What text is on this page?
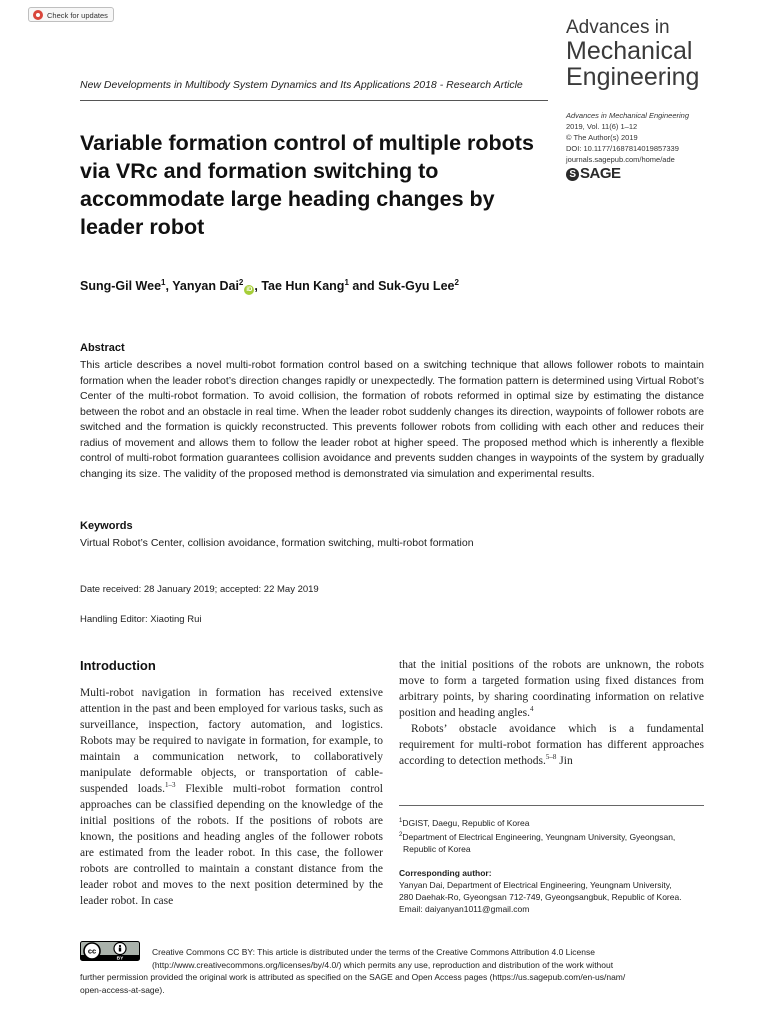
Check for updates
Advances in
Mechanical
Engineering
New Developments in Multibody System Dynamics and Its Applications 2018 - Research Article
Advances in Mechanical Engineering
2019, Vol. 11(6) 1–12
© The Author(s) 2019
DOI: 10.1177/1687814019857339
journals.sagepub.com/home/ade
S SAGE
Variable formation control of multiple robots via VRc and formation switching to accommodate large heading changes by leader robot
Sung-Gil Wee$^1$, Yanyan Dai$^2$iD , Tae Hun Kang$^1$ and Suk-Gyu Lee$^2$
Abstract
This article describes a novel multi-robot formation control based on a switching technique that allows follower robots to maintain formation when the leader robot’s direction changes rapidly or unexpectedly. The formation pattern is determined using Virtual Robot’s Center of the multi-robot formation. To avoid collision, the formation of robots reformed in optimal size by estimating the distance between the robot and an obstacle in real time. When the leader robot suddenly changes its direction, waypoints of follower robots are switched and the formation is quickly reconstructed. This prevents follower robots from colliding with each other and reduces their radius of movement and allows them to follow the leader robot at higher speed. The proposed method which is inherently a flexible control of multi-robot formation guarantees collision avoidance and prevents sudden changes in waypoints of the system by gradually changing its size. The validity of the proposed method is demonstrated via simulation and experimental results.
Keywords
Virtual Robot’s Center, collision avoidance, formation switching, multi-robot formation
Date received: 28 January 2019; accepted: 22 May 2019
Handling Editor: Xiaoting Rui
Introduction
Multi-robot navigation in formation has received extensive attention in the past and been employed for various tasks, such as surveillance, inspection, factory automation, and logistics. Robots may be required to navigate in formation, for example, to maintain a communication network, to collaboratively manipulate deformable objects, or transportation of cable-suspended loads.$^{1-3}$ Flexible multi-robot formation control approaches can be classified depending on the knowledge of the initial positions of the robots. If the positions of robots are known, the positions and heading angles of the follower robots are estimated from the leader robot. In this case, the follower robots are controlled to maintain a constant distance from the leader robot and moves to the next position determined by the leader robot. In case
that the initial positions of the robots are unknown, the robots move to form a targeted formation using fixed distances from arbitrary points, by sharing coordinating information on relative position and heading angles.$^4$
Robots’ obstacle avoidance which is a fundamental requirement for multi-robot formation has different approaches according to detection methods.$^{5-8}$ Jin
$^1$DGIST, Daegu, Republic of Korea
$^2$Department of Electrical Engineering, Yeungnam University, Gyeongsan,
Republic of Korea
Corresponding author:
Yanyan Dai, Department of Electrical Engineering, Yeungnam University,
280 Daehak-Ro, Gyeongsan 712-749, Gyeongsangbuk, Republic of Korea.
Email: daiyanyan1011@gmail.com
cc
BY
Creative Commons CC BY: This article is distributed under the terms of the Creative Commons Attribution 4.0 License
(http://www.creativecommons.org/licenses/by/4.0/) which permits any use, reproduction and distribution of the work without
further permission provided the original work is attributed as specified on the SAGE and Open Access pages (https://us.sagepub.com/en-us/nam/
open-access-at-sage).
